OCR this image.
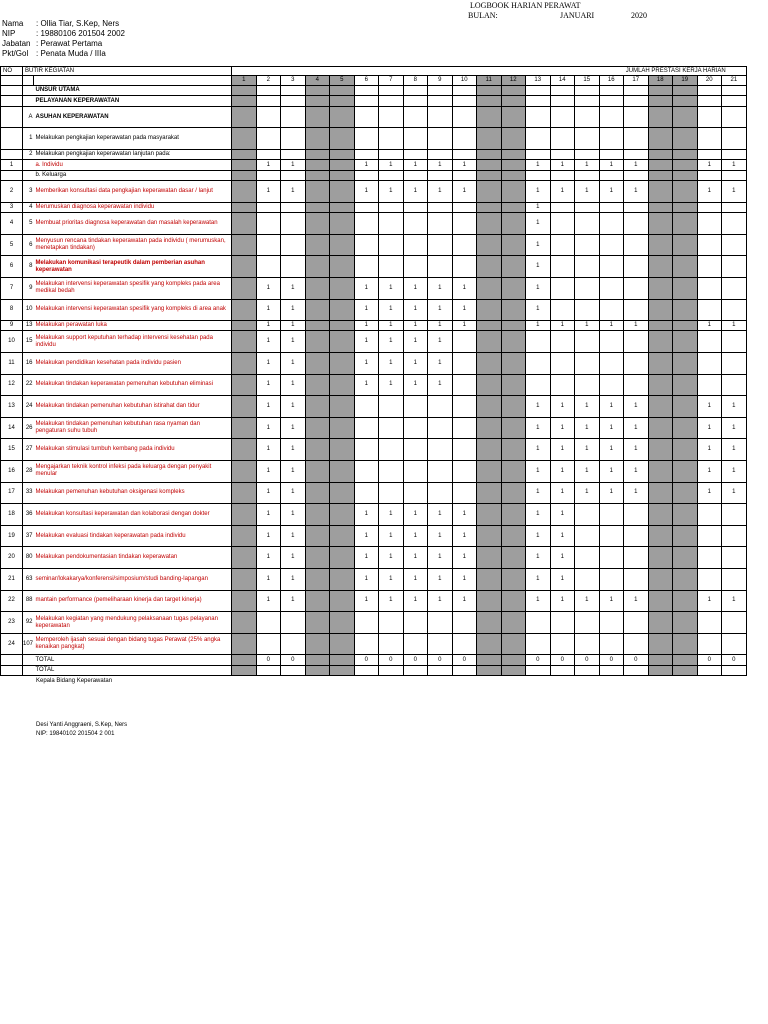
LOGBOOK HARIAN PERAWAT
BULAN:	JANUARI	2020
Nama : Ollia Tiar, S.Kep, Ners
NIP	: 19880106 201504 2002
Jabatan : Perawat Pertama
Pkt/Gol : Penata Muda / IIIa
NO	BUTIR KEGIATAN		JUMLAH PRESTASI KERJA HARIAN																				
			1	2	3	4	5	6	7	8	9	10	11	12	13	14	15	16	17	18	19	20	21
		UNSUR UTAMA																					
		PELAYANAN KEPERAWATAN																					
	A	ASUHAN KEPERAWATAN																					
	1	Melakukan pengkajian keperawatan pada masyarakat																					
	2	Melakukan pengkajian keperawatan lanjutan pada:																					
1		a. Individu		1	1			1	1	1	1	1			1	1	1	1	1			1	1
		b. Keluarga																					
2	3	Memberikan konsultasi data pengkajian keperawatan dasar / lanjut		1	1			1	1	1	1	1			1	1	1	1	1			1	1
3	4	Merumuskan diagnosa keperawatan individu													1								
4	5	Membuat prioritas diagnosa keperawatan dan masalah keperawatan													1								
5	6	Menyusun rencana tindakan keperawatan pada individu ( merumuskan, menetapkan tindakan)													1								
6	8	Melakukan komunikasi terapeutik dalam pemberian asuhan keperawatan													1								
7	9	Melakukan intervensi keperawatan spesifik yang kompleks pada area medikal bedah		1	1			1	1	1	1	1			1								
8	10	Melakukan intervensi keperawatan spesifik yang kompleks di area anak		1	1			1	1	1	1	1			1								
9	13	Melakukan perawatan luka		1	1			1	1	1	1	1			1	1	1	1	1			1	1
10	15	Melakukan support keputuhan terhadap intervensi kesehatan pada individu		1	1			1	1	1	1												
11	16	Melakukan pendidikan kesehatan pada individu pasien		1	1			1	1	1	1												
12	22	Melakukan tindakan keperawatan pemenuhan kebutuhan eliminasi		1	1			1	1	1	1												
13	24	Melakukan tindakan pemenuhan kebutuhan istirahat dan tidur		1	1										1	1	1	1	1			1	1
14	26	Melakukan tindakan pemenuhan kebutuhan rasa nyaman dan pengaturan suhu tubuh		1	1										1	1	1	1	1			1	1
15	27	Melakukan stimulasi tumbuh kembang pada individu		1	1										1	1	1	1	1			1	1
16	28	Mengajarkan teknik kontrol infeksi pada keluarga dengan penyakit menular		1	1										1	1	1	1	1			1	1
17	33	Melakukan pemenuhan kebutuhan oksigenasi kompleks		1	1										1	1	1	1	1			1	1
18	36	Melakukan konsultasi keperawatan dan kolaborasi dengan dokter		1	1			1	1	1	1	1			1	1							
19	37	Melakukan evaluasi tindakan keperawatan pada individu		1	1			1	1	1	1	1			1	1							
20	80	Melakukan pendokumentasian tindakan keperawatan		1	1			1	1	1	1	1			1	1							
21	63	seminar/lokakarya/konferensi/simposium/studi banding-lapangan		1	1			1	1	1	1	1			1	1							
22	88	mantain performance (pemeliharaan kinerja dan target kinerja)		1	1			1	1	1	1	1			1	1	1	1	1			1	1
23	92	Melakukan kegiatan yang mendukung pelaksanaan tugas pelayanan keperawatan																					
24	107	Memperoleh ijasah sesuai dengan bidang tugas Perawat (25% angka kenaikan pangkat)																					
		TOTAL		0	0			0	0	0	0	0			0	0	0	0	0			0	0
		TOTAL																					
Kepala Bidang Keperawatan
Desi Yanti Anggraeni, S.Kep, Ners
NIP: 19840102 201504 2 001
